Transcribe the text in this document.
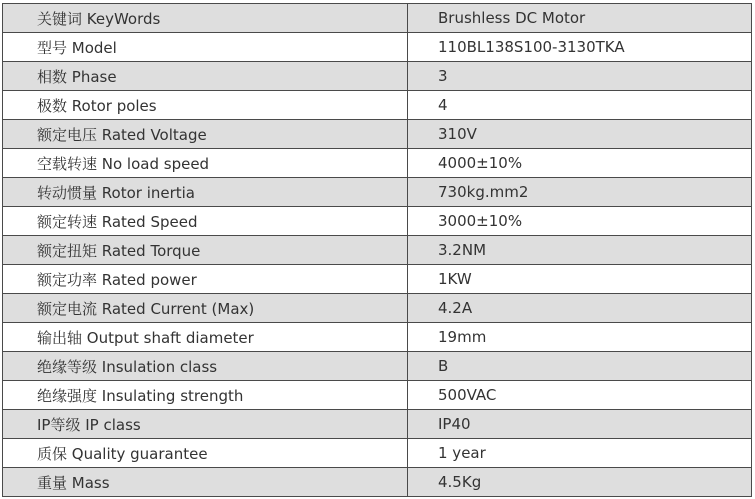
关键词 KeyWords	Brushless DC Motor
型号 Model	110BL138S100-3130TKA
相数 Phase	3
极数 Rotor poles	4
额定电压 Rated Voltage	310V
空载转速 No load speed	4000±10%
转动惯量 Rotor inertia	730kg.mm2
额定转速 Rated Speed	3000±10%
额定扭矩 Rated Torque	3.2NM
额定功率 Rated power	1KW
额定电流 Rated Current (Max)	4.2A
输出轴 Output shaft diameter	19mm
绝缘等级 Insulation class	B
绝缘强度 Insulating strength	500VAC
IP等级 IP class	IP40
质保 Quality guarantee	1 year
重量 Mass	4.5Kg
